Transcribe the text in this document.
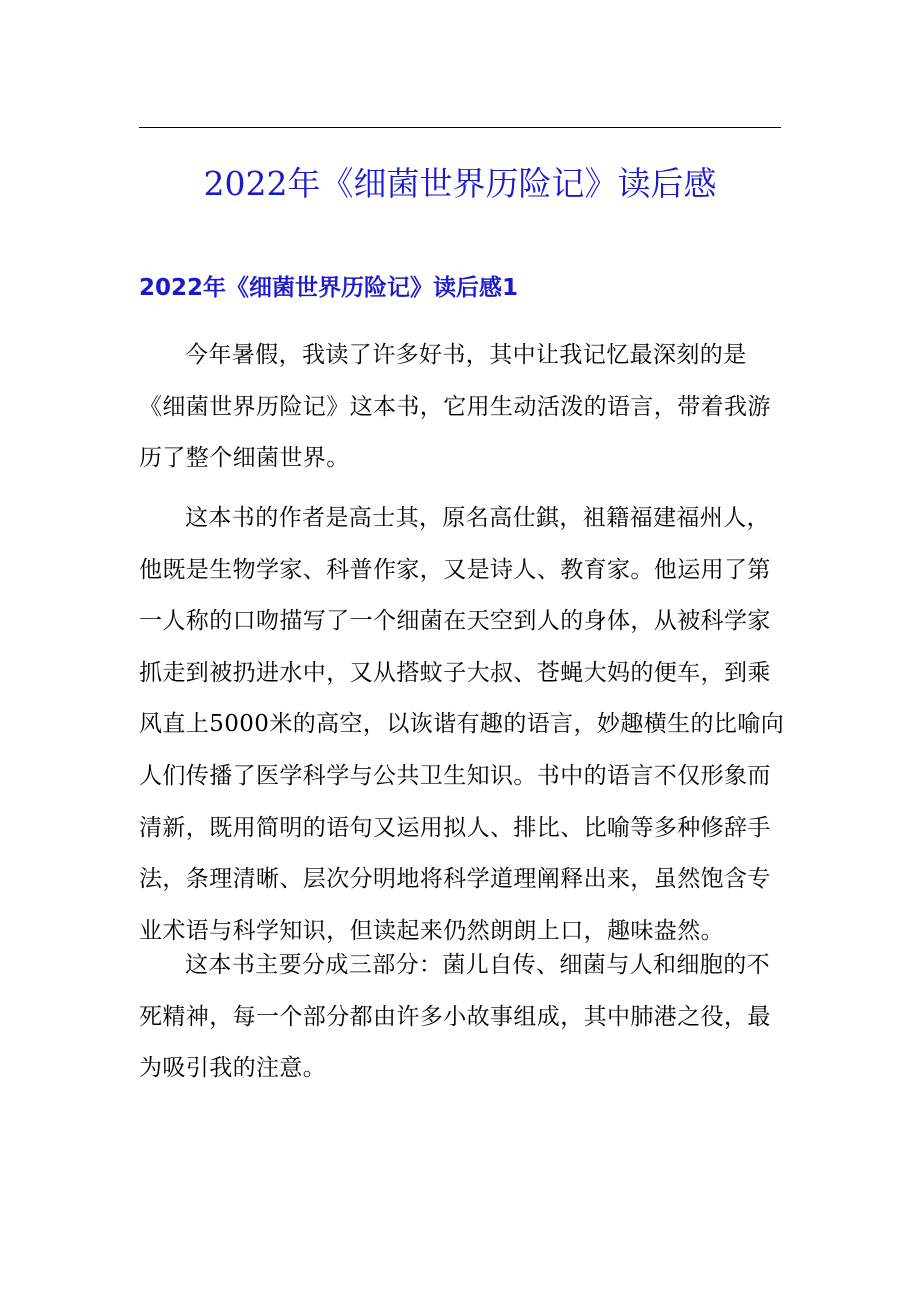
2022年《细菌世界历险记》读后感
2022年《细菌世界历险记》读后感1

今年暑假，我读了许多好书，其中让我记忆最深刻的是《细菌世界历险记》这本书，它用生动活泼的语言，带着我游历了整个细菌世界。

这本书的作者是高士其，原名高仕錤，祖籍福建福州人，他既是生物学家、科普作家，又是诗人、教育家。他运用了第一人称的口吻描写了一个细菌在天空到人的身体，从被科学家抓走到被扔进水中，又从搭蚊子大叔、苍蝇大妈的便车，到乘风直上5000米的高空，以诙谐有趣的语言，妙趣横生的比喻向人们传播了医学科学与公共卫生知识。书中的语言不仅形象而清新，既用简明的语句又运用拟人、排比、比喻等多种修辞手法，条理清晰、层次分明地将科学道理阐释出来，虽然饱含专业术语与科学知识，但读起来仍然朗朗上口，趣味盎然。

这本书主要分成三部分：菌儿自传、细菌与人和细胞的不死精神，每一个部分都由许多小故事组成，其中肺港之役，最为吸引我的注意。
